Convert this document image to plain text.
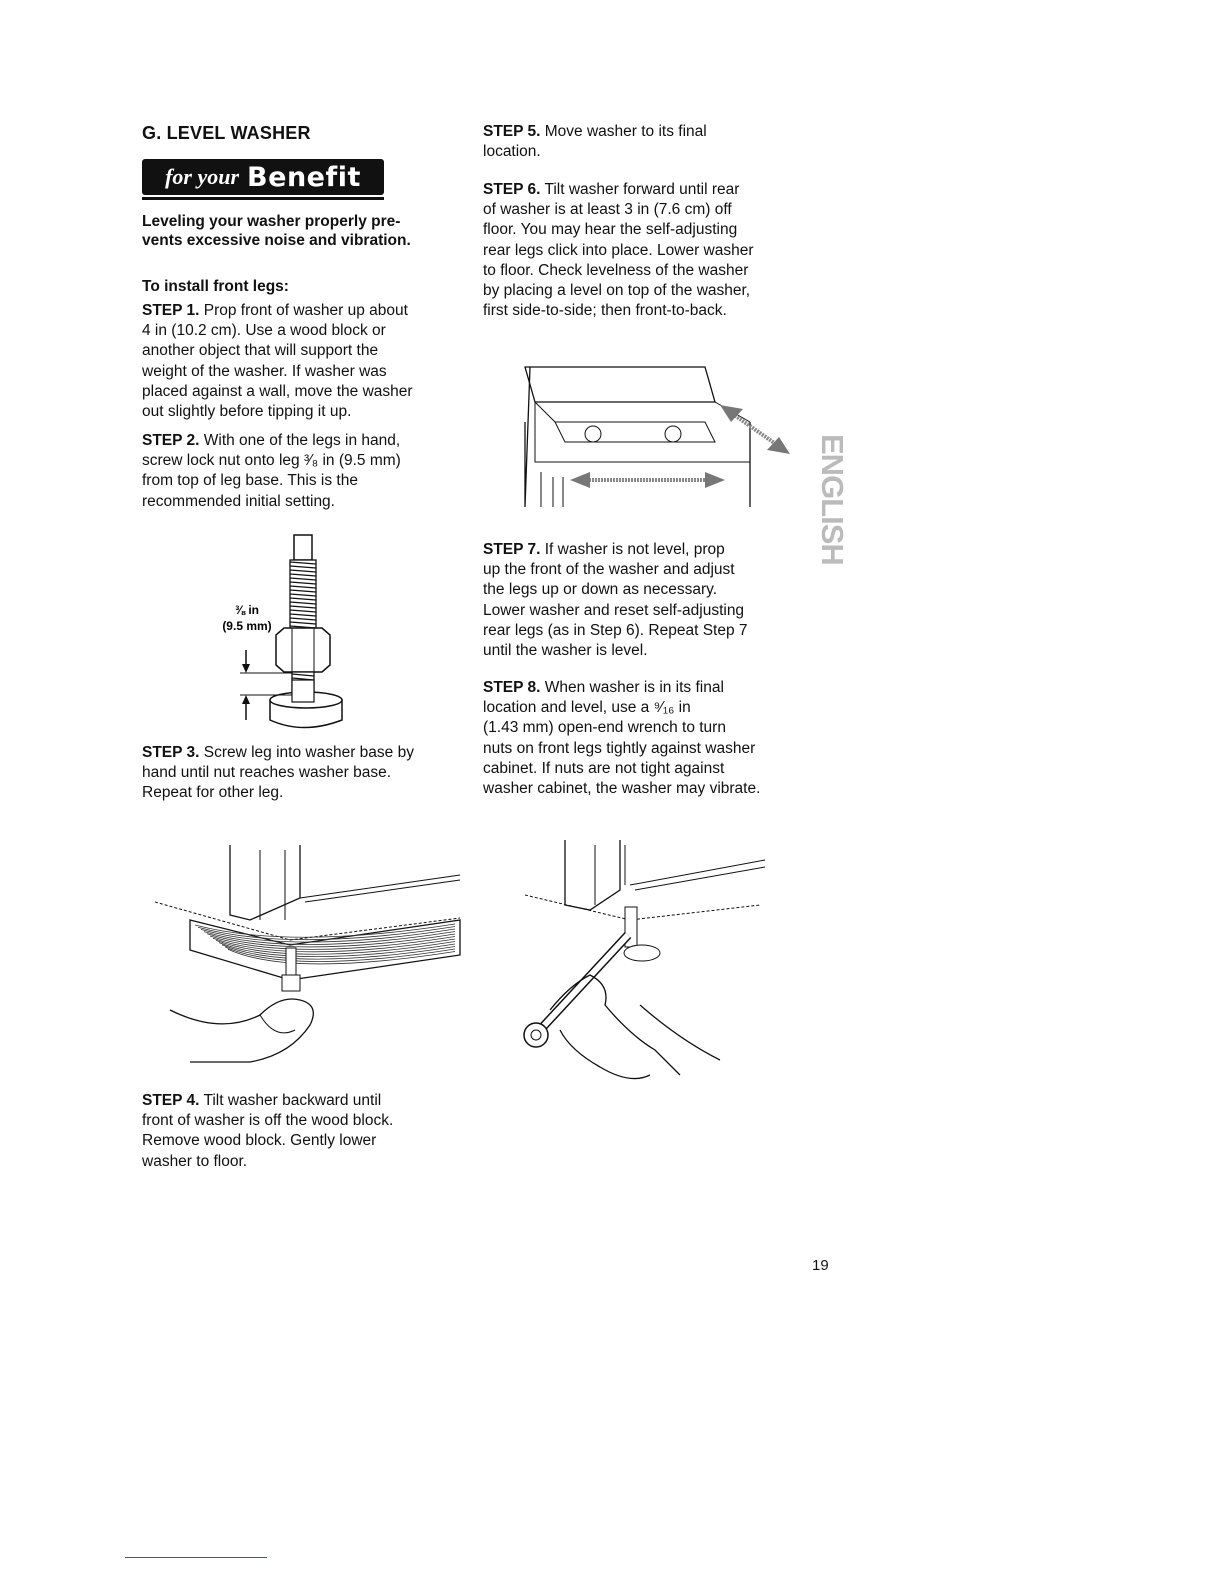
G. LEVEL WASHER
for your Benefit
Leveling your washer properly pre-
vents excessive noise and vibration.
To install front legs:
STEP 1. Prop front of washer up about
4 in (10.2 cm). Use a wood block or
another object that will support the
weight of the washer. If washer was
placed against a wall, move the washer
out slightly before tipping it up.
STEP 2. With one of the legs in hand,
screw lock nut onto leg ³⁄₈ in (9.5 mm)
from top of leg base. This is the
recommended initial setting.
STEP 3. Screw leg into washer base by
hand until nut reaches washer base.
Repeat for other leg.
STEP 4. Tilt washer backward until
front of washer is off the wood block.
Remove wood block. Gently lower
washer to floor.
STEP 5. Move washer to its final
location.
STEP 6. Tilt washer forward until rear
of washer is at least 3 in (7.6 cm) off
floor. You may hear the self-adjusting
rear legs click into place. Lower washer
to floor. Check levelness of the washer
by placing a level on top of the washer,
first side-to-side; then front-to-back.
STEP 7. If washer is not level, prop
up the front of the washer and adjust
the legs up or down as necessary.
Lower washer and reset self-adjusting
rear legs (as in Step 6). Repeat Step 7
until the washer is level.
STEP 8. When washer is in its final
location and level, use a ⁹⁄₁₆ in
(1.43 mm) open-end wrench to turn
nuts on front legs tightly against washer
cabinet. If nuts are not tight against
washer cabinet, the washer may vibrate.
⅜ in
(9.5 mm)
ENGLISH
19
